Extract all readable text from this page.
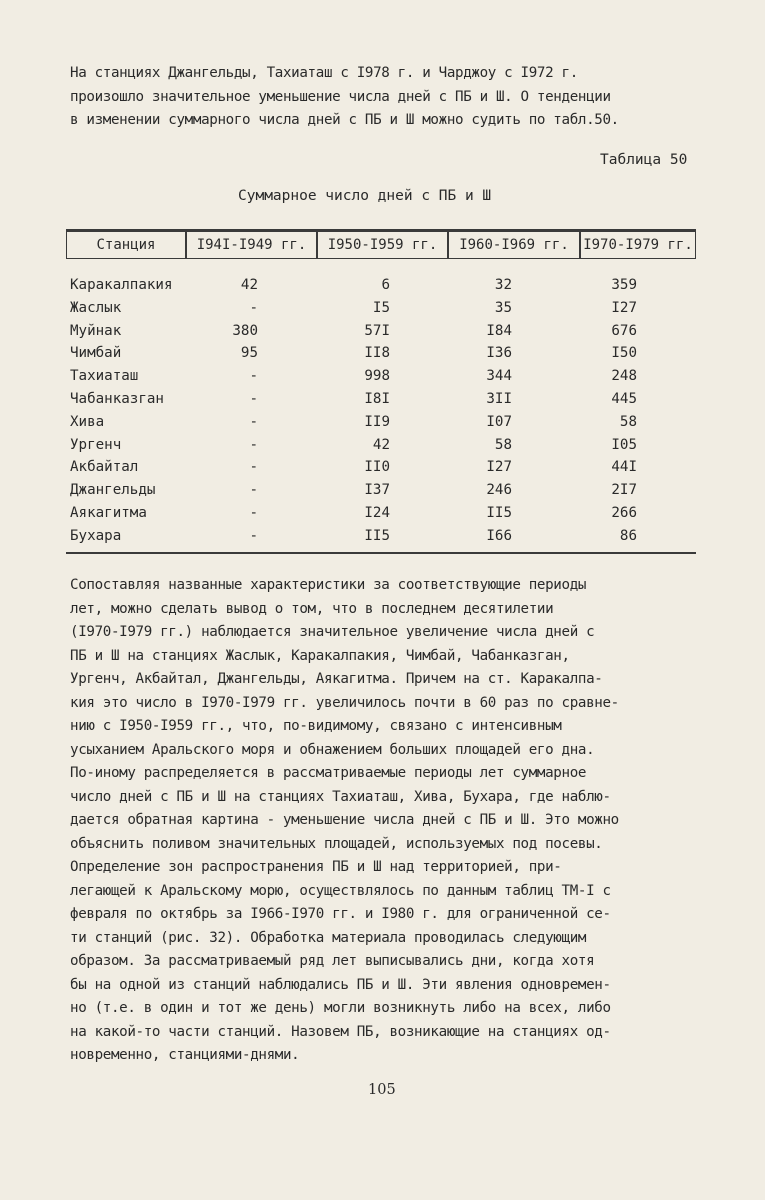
На станциях Джангельды, Тахиаташ с I978 г. и Чарджоу с I972 г.
произошло значительное уменьшение числа дней с ПБ и Ш. О тенденции
в изменении суммарного числа дней с ПБ и Ш можно судить по табл.50.
Таблица 50
Суммарное число дней с ПБ и Ш
Станция	I94I-I949 гг.	I950-I959 гг.	I960-I969 гг.	I970-I979 гг.
Каракалпакия	42	6	32	359
Жаслык	-	I5	35	I27
Муйнак	380	57I	I84	676
Чимбай	95	II8	I36	I50
Тахиаташ	-	998	344	248
Чабанказган	-	I8I	3II	445
Хива	-	II9	I07	58
Ургенч	-	42	58	I05
Акбайтал	-	II0	I27	44I
Джангельды	-	I37	246	2I7
Аякагитма	-	I24	II5	266
Бухара	-	II5	I66	86
Сопоставляя названные характеристики за соответствующие периоды
лет, можно сделать вывод о том, что в последнем десятилетии
(I970-I979 гг.) наблюдается значительное увеличение числа дней с
ПБ и Ш на станциях Жаслык, Каракалпакия, Чимбай, Чабанказган,
Ургенч, Акбайтал, Джангельды, Аякагитма. Причем на ст. Каракалпа-
кия это число в I970-I979 гг. увеличилось почти в 60 раз по сравне-
нию с I950-I959 гг., что, по-видимому, связано с интенсивным
усыханием Аральского моря и обнажением больших площадей его дна.
По-иному распределяется в рассматриваемые периоды лет суммарное
число дней с ПБ и Ш на станциях Тахиаташ, Хива, Бухара, где наблю-
дается обратная картина - уменьшение числа дней с ПБ и Ш. Это можно
объяснить поливом значительных площадей, используемых под посевы.
Определение зон распространения ПБ и Ш над территорией, при-
легающей к Аральскому морю, осуществлялось по данным таблиц ТМ-I с
февраля по октябрь за I966-I970 гг. и I980 г. для ограниченной се-
ти станций (рис. 32). Обработка материала проводилась следующим
образом. За рассматриваемый ряд лет выписывались дни, когда хотя
бы на одной из станций наблюдались ПБ и Ш. Эти явления одновремен-
но (т.е. в один и тот же день) могли возникнуть либо на всех, либо
на какой-то части станций. Назовем ПБ, возникающие на станциях од-
новременно, станциями-днями.
105
